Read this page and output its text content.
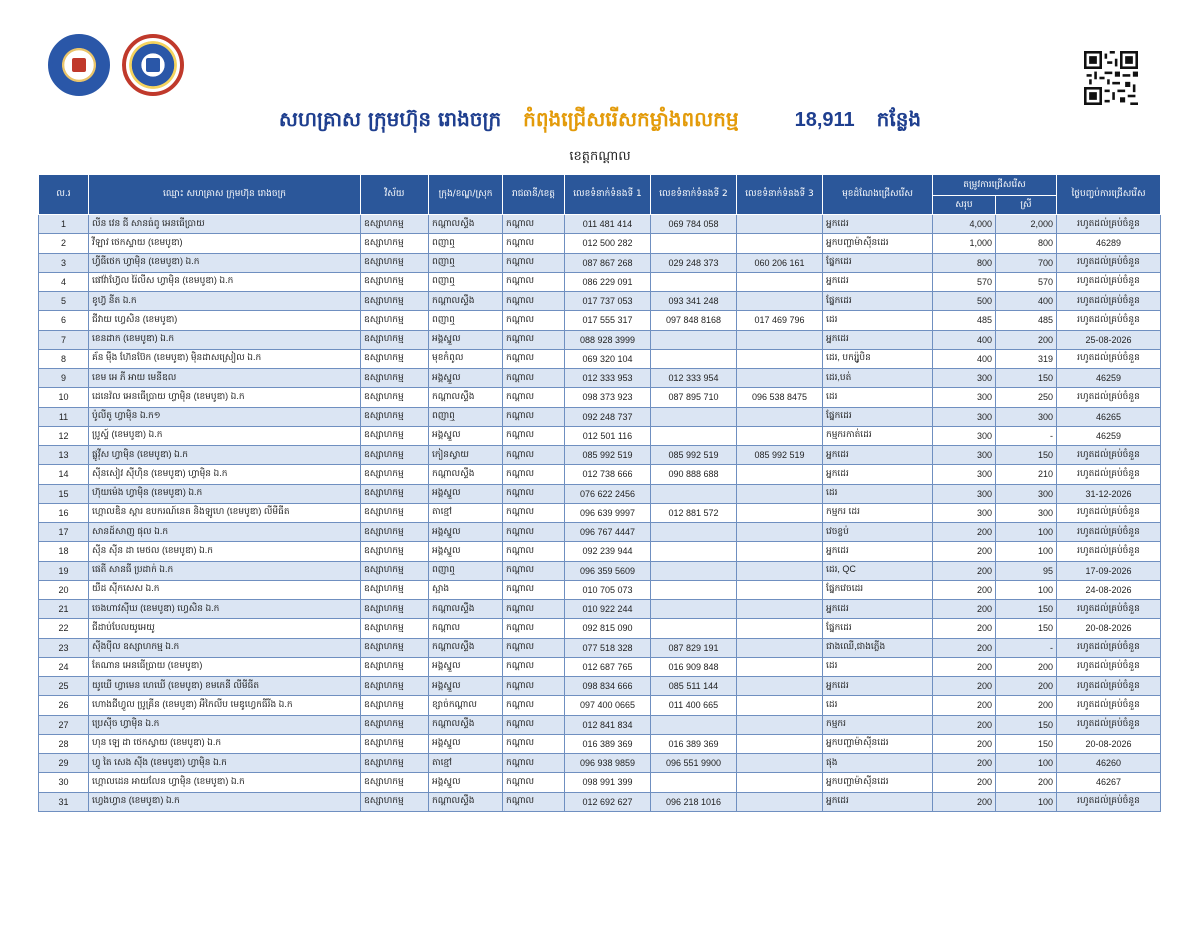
សហគ្រាស ក្រុមហ៊ុន រោងចក្រ កំពុងជ្រើសរើសកម្លាំងពលកម្ម	18,911 កន្លែង
ខេត្តកណ្ដាល
ល.រ	ឈ្មោះ សហគ្រាស ក្រុមហ៊ុន រោងចក្រ	វិស័យ	ក្រុង/ខណ្ឌ/ស្រុក	រាជធានី/ខេត្ត	លេខទំនាក់ទំនងទី 1	លេខទំនាក់ទំនងទី 2	លេខទំនាក់ទំនងទី 3	មុខដំណែងជ្រើសរើស	តម្រូវការជ្រើសរើស		ថ្ងៃបញ្ចប់ការជ្រើសរើស
									សរុប	ស្រី	
1	លីន វេន ជី សានធ់ពូ អេនធើប្រាយ	ឧស្សាហកម្ម	កណ្ដាលស្ទឹង	កណ្ដាល	011 481 414	069 784 058		អ្នកដេរ	4,000	2,000	រហូតដល់គ្រប់ចំនួន
2	វីឡាវ ថេកស្ទាយ (ខេមបូឌា)	ឧស្សាហកម្ម	ពញាឮ	កណ្ដាល	012 500 282			អ្នកបញ្ជាម៉ាស៊ីនដេរ	1,000	800	46289
3	ហ្វីធីថេក ហ្វាម៉ិន (ខេមបូឌា) ឯ.ក	ឧស្សាហកម្ម	ពញាឮ	កណ្ដាល	087 867 268	029 248 373	060 206 161	ផ្នែកដេរ	800	700	រហូតដល់គ្រប់ចំនួន
4	ផៅវ៉ាហ្វ៊ែល រ៉ៃលីស ហ្វាម៉ិន (ខេមបូឌា) ឯ.ក	ឧស្សាហកម្ម	ពញាឮ	កណ្ដាល	086 229 091			អ្នកដេរ	570	570	រហូតដល់គ្រប់ចំនួន
5	ខូហ្វ៊ នីត ឯ.ក	ឧស្សាហកម្ម	កណ្ដាលស្ទឹង	កណ្ដាល	017 737 053	093 341 248		ផ្នែកដេរ	500	400	រហូតដល់គ្រប់ចំនួន
6	ជីវាយ ហ្វេសិន (ខេមបូឌា)	ឧស្សាហកម្ម	ពញាឮ	កណ្ដាល	017 555 317	097 848 8168	017 469 796	ដេរ	485	485	រហូតដល់គ្រប់ចំនួន
7	ខេនដាក (ខេមបូឌា) ឯ.ក	ឧស្សាហកម្ម	អង្គស្នួល	កណ្ដាល	088 928 3999			អ្នកដេរ	400	200	25-08-2026
8	គ័ន ម៉ឹង ហ៊ែនប៊ែក (ខេមបូឌា) ម៉ិនដាសស្រៀល ឯ.ក	ឧស្សាហកម្ម	មុខកំពូល	កណ្ដាល	069 320 104			ដេរ, បករ្ស៉ូបិន	400	319	រហូតដល់គ្រប់ចំនួន
9	ខេម អេ ភី អាយ មេនីឌល	ឧស្សាហកម្ម	អង្គស្នួល	កណ្ដាល	012 333 953	012 333 954		ដេរ,បត់	300	150	46259
10	ដេនេវ៉ល អេនធើប្រាយ ហ្វាម៉ិន (ខេមបូឌា) ឯ.ក	ឧស្សាហកម្ម	កណ្ដាលស្ទឹង	កណ្ដាល	098 373 923	087 895 710	096 538 8475	ដេរ	300	250	រហូតដល់គ្រប់ចំនួន
11	ប៉ូលីតូ ហ្វាម៉ិន ឯ.ក១	ឧស្សាហកម្ម	ពញាឮ	កណ្ដាល	092 248 737			ផ្នែកដេរ	300	300	46265
12	ប្រូស្ទ៍ (ខេមបូឌា) ឯ.ក	ឧស្សាហកម្ម	អង្គស្នួល	កណ្ដាល	012 501 116			កម្មករកាត់ដេរ	300	-	46259
13	ផ្លូវ៉ីស ហ្វាម៉ិន (ខេមបូឌា) ឯ.ក	ឧស្សាហកម្ម	កៀនស្វាយ	កណ្ដាល	085 992 519	085 992 519	085 992 519	អ្នកដេរ	300	150	រហូតដល់គ្រប់ចំនួន
14	ស៊ីនសៀវ ស៊ីហ៊ិន (ខេមបូឌា) ហ្វាម៉ិន ឯ.ក	ឧស្សាហកម្ម	កណ្ដាលស្ទឹង	កណ្ដាល	012 738 666	090 888 688		អ្នកដេរ	300	210	រហូតដល់គ្រប់ចំនួន
15	ហ៊ុយម៉េង ហ្វាម៉ិន (ខេមបូឌា) ឯ.ក	ឧស្សាហកម្ម	អង្គស្នួល	កណ្ដាល	076 622 2456			ដេរ	300	300	31-12-2026
16	ហ្គោលឌិន ស្តារ ឧបករណ៍នេត និងឡូហេ (ខេមបូឌា) លីមីធីត	ឧស្សាហកម្ម	តាខ្មៅ	កណ្ដាល	096 639 9997	012 881 572		កម្មករ ដេរ	300	300	រហូតដល់គ្រប់ចំនួន
17	សានដ៍សាញ ផុល ឯ.ក	ឧស្សាហកម្ម	អង្គស្នួល	កណ្ដាល	096 767 4447			វេចខ្ចប់	200	100	រហូតដល់គ្រប់ចំនួន
18	ស៊ីន ស៊ីន ដា មេថល (ខេមបូឌា) ឯ.ក	ឧស្សាហកម្ម	អង្គស្នួល	កណ្ដាល	092 239 944			អ្នកដេរ	200	100	រហូតដល់គ្រប់ចំនួន
19	ផេតី សានធី ប្រដាក់ ឯ.ក	ឧស្សាហកម្ម	ពញាឮ	កណ្ដាល	096 359 5609			ដេរ, QC	200	95	17-09-2026
20	យឺដ ស៊ីកសេស ឯ.ក	ឧស្សាហកម្ម	ស្អាង	កណ្ដាល	010 705 073			ផ្នែកវេចដេរ	200	100	24-08-2026
21	ចេងហាវស៊ីឃ (ខេមបូឌា) ហ្វេសិន ឯ.ក	ឧស្សាហកម្ម	កណ្ដាលស្ទឹង	កណ្ដាល	010 922 244			អ្នកដេរ	200	150	រហូតដល់គ្រប់ចំនួន
22	ជីដាប់បែលយូអេយូ	ឧស្សាហកម្ម	កណ្ដាល	កណ្ដាល	092 815 090			ផ្នែកដេរ	200	150	20-08-2026
23	ស៊ីងប៉ីល ឧស្សាហកម្ម ឯ.ក	ឧស្សាហកម្ម	កណ្ដាលស្ទឹង	កណ្ដាល	077 518 328	087 829 191		ជាងឈើ,ជាងភ្លើង	200	-	រហូតដល់គ្រប់ចំនួន
24	តែណាន អេនធើប្រាយ (ខេមបូឌា)	ឧស្សាហកម្ម	អង្គស្នួល	កណ្ដាល	012 687 765	016 909 848		ដេរ	200	200	រហូតដល់គ្រប់ចំនួន
25	យូឃើ ហ្វាមេន ហេឃើ (ខេមបូឌា) ខមភេនី លីមីធីត	ឧស្សាហកម្ម	អង្គស្នួល	កណ្ដាល	098 834 666	085 511 144		អ្នកដេរ	200	200	រហូតដល់គ្រប់ចំនួន
26	ហោងជីហ្វូល ប្រូគ្រីន (ខេមបូឌា) អឹកៃលីប មេឌូហ្វេកធីរីង ឯ.ក	ឧស្សាហកម្ម	ខ្សាច់កណ្ដាល	កណ្ដាល	097 400 0665	011 400 665		ដេរ	200	200	រហូតដល់គ្រប់ចំនួន
27	ប្រេស៊ីច ហ្វាម៉ិន ឯ.ក	ឧស្សាហកម្ម	កណ្ដាលស្ទឹង	កណ្ដាល	012 841 834			កម្មករ	200	150	រហូតដល់គ្រប់ចំនួន
28	ហុន ឡេ ដា ថេកស្វាយ (ខេមបូឌា) ឯ.ក	ឧស្សាហកម្ម	អង្គស្នួល	កណ្ដាល	016 389 369	016 389 369		អ្នកបញ្ជាម៉ាស៊ីនដេរ	200	150	20-08-2026
29	ហ្វូ តៃ សេង ស៊ីង (ខេមបូឌា) ហ្វាម៉ិន ឯ.ក	ឧស្សាហកម្ម	តាខ្មៅ	កណ្ដាល	096 938 9859	096 551 9900		ផុង	200	100	46260
30	ហ្គោលដេន អាយលែន ហ្វាម៉ិន (ខេមបូឌា) ឯ.ក	ឧស្សាហកម្ម	អង្គស្នួល	កណ្ដាល	098 991 399			អ្នកបញ្ជាម៉ាស៊ីនដេរ	200	200	46267
31	ហ្វេងហ្វាន (ខេមបូឌា) ឯ.ក	ឧស្សាហកម្ម	កណ្ដាលស្ទឹង	កណ្ដាល	012 692 627	096 218 1016		អ្នកដេរ	200	100	រហូតដល់គ្រប់ចំនួន
